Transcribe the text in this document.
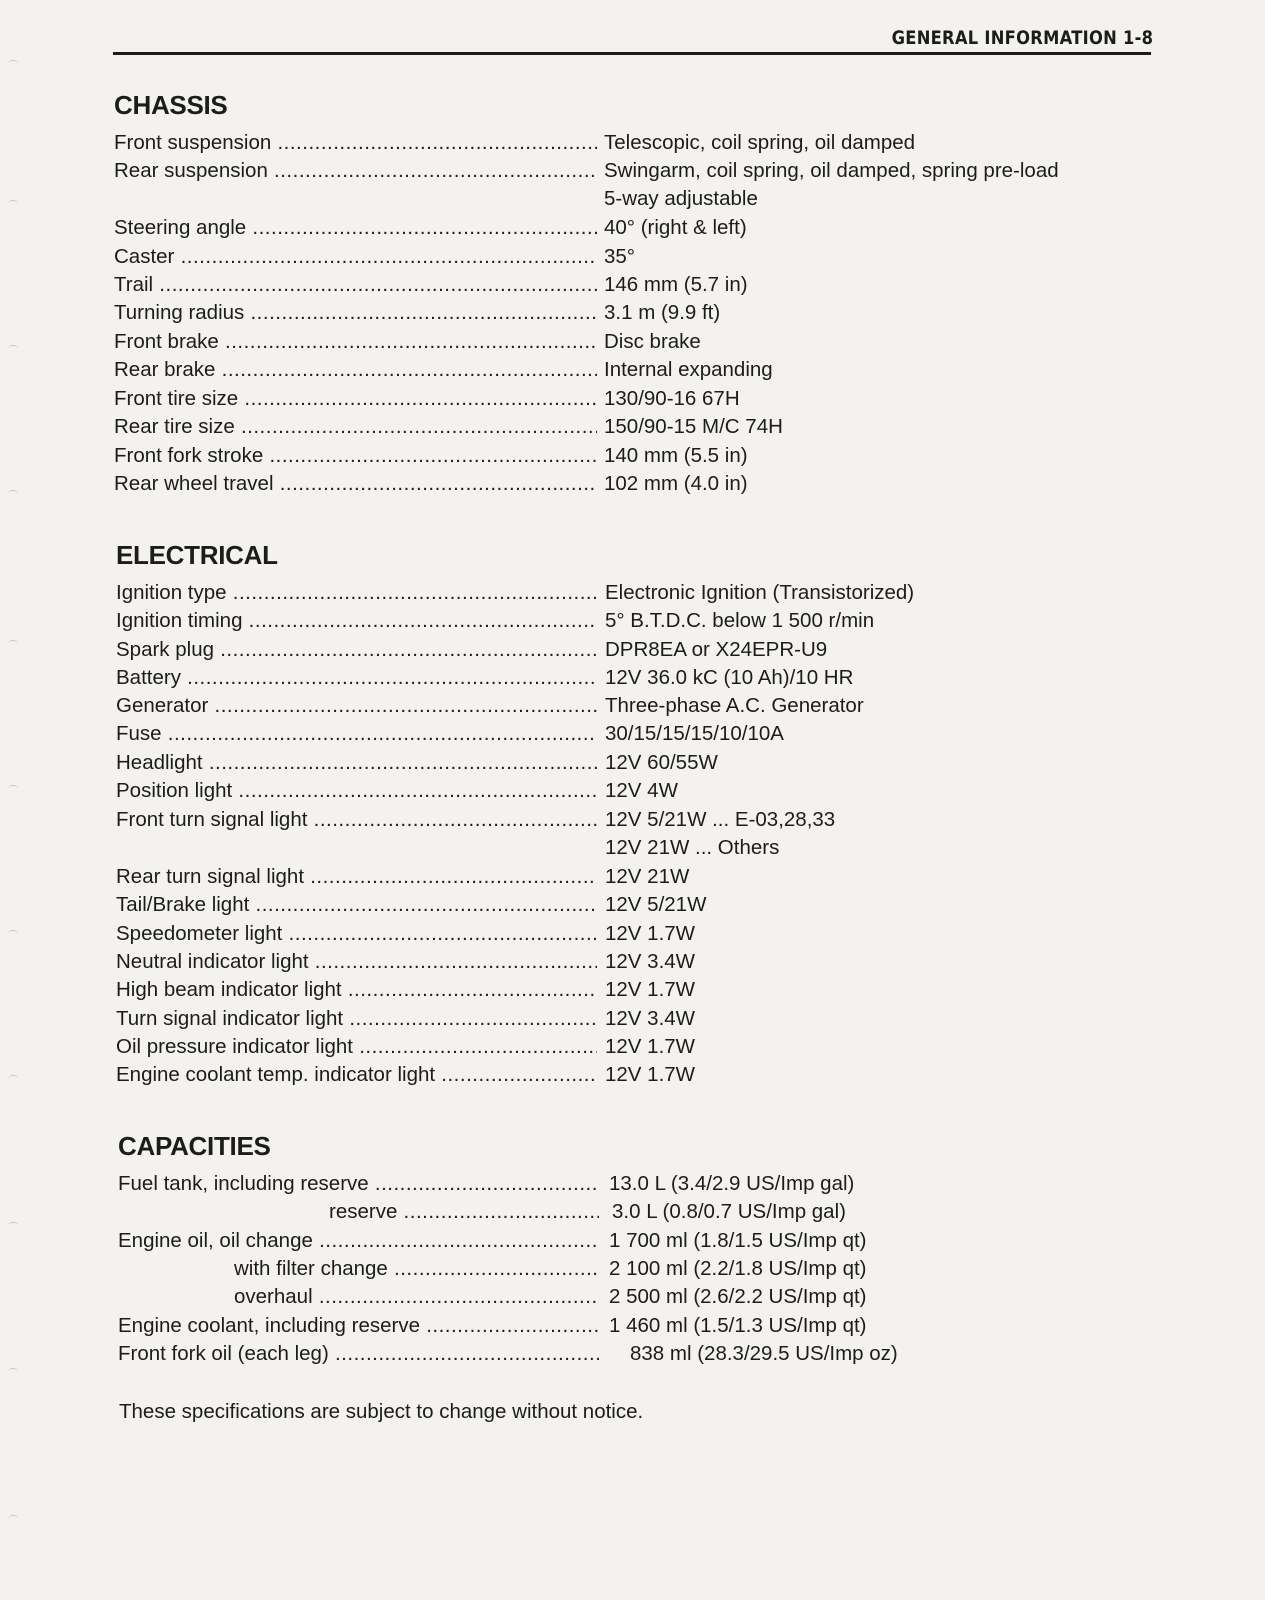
GENERAL INFORMATION 1-8
CHASSIS
Front suspension .....	Telescopic, coil spring, oil damped
Rear suspension .....	Swingarm, coil spring, oil damped, spring pre-load
5-way adjustable
Steering angle .....	40° (right & left)
Caster .....	35°
Trail .....	146 mm (5.7 in)
Turning radius .....	3.1 m (9.9 ft)
Front brake .....	Disc brake
Rear brake .....	Internal expanding
Front tire size .....	130/90-16 67H
Rear tire size .....	150/90-15 M/C 74H
Front fork stroke .....	140 mm (5.5 in)
Rear wheel travel .....	102 mm (4.0 in)
ELECTRICAL
Ignition type .....	Electronic Ignition (Transistorized)
Ignition timing .....	5° B.T.D.C. below 1 500 r/min
Spark plug .....	DPR8EA or X24EPR-U9
Battery .....	12V 36.0 kC (10 Ah)/10 HR
Generator .....	Three-phase A.C. Generator
Fuse .....	30/15/15/15/10/10A
Headlight .....	12V 60/55W
Position light .....	12V 4W
Front turn signal light .....	12V 5/21W ... E-03,28,33
12V 21W ... Others
Rear turn signal light .....	12V 21W
Tail/Brake light .....	12V 5/21W
Speedometer light .....	12V 1.7W
Neutral indicator light .....	12V 3.4W
High beam indicator light .....	12V 1.7W
Turn signal indicator light .....	12V 3.4W
Oil pressure indicator light .....	12V 1.7W
Engine coolant temp. indicator light .....	12V 1.7W
CAPACITIES
Fuel tank, including reserve .....	13.0 L (3.4/2.9 US/Imp gal)
reserve .....	3.0 L (0.8/0.7 US/Imp gal)
Engine oil, oil change .....	1 700 ml (1.8/1.5 US/Imp qt)
with filter change .....	2 100 ml (2.2/1.8 US/Imp qt)
overhaul .....	2 500 ml (2.6/2.2 US/Imp qt)
Engine coolant, including reserve .....	1 460 ml (1.5/1.3 US/Imp qt)
Front fork oil (each leg) .....	838 ml (28.3/29.5 US/Imp oz)
These specifications are subject to change without notice.
